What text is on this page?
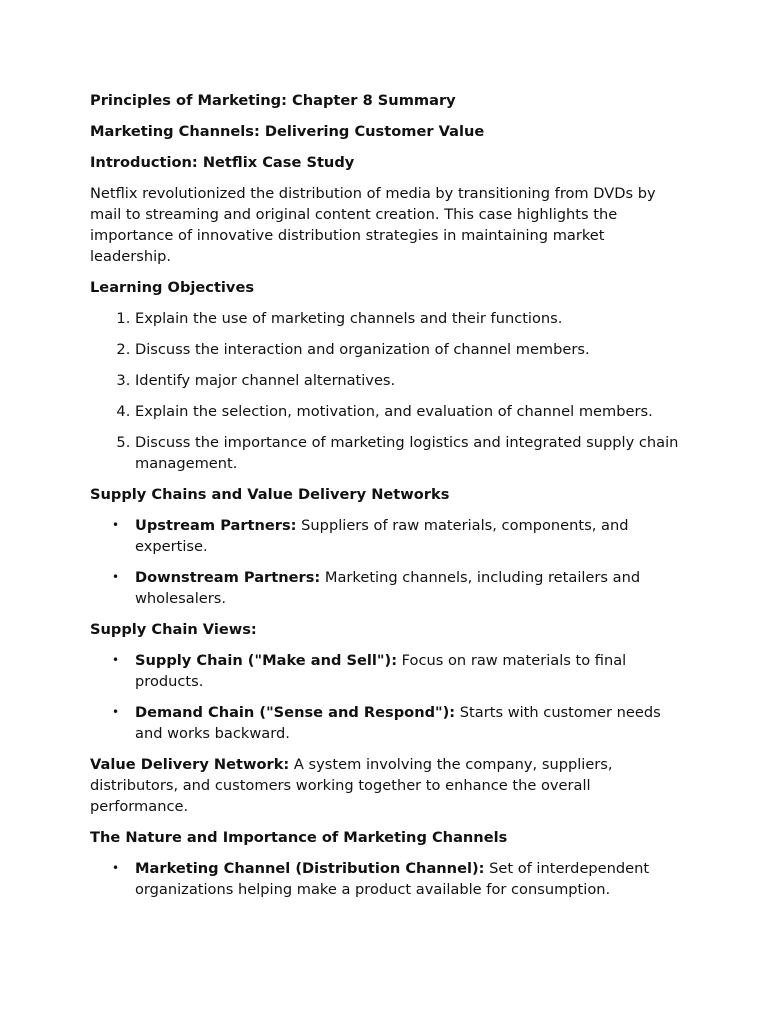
Principles of Marketing: Chapter 8 Summary

Marketing Channels: Delivering Customer Value

Introduction: Netflix Case Study

Netflix revolutionized the distribution of media by transitioning from DVDs by mail to streaming and original content creation. This case highlights the importance of innovative distribution strategies in maintaining market leadership.

Learning Objectives

1. Explain the use of marketing channels and their functions.
2. Discuss the interaction and organization of channel members.
3. Identify major channel alternatives.
4. Explain the selection, motivation, and evaluation of channel members.
5. Discuss the importance of marketing logistics and integrated supply chain management.

Supply Chains and Value Delivery Networks

• Upstream Partners: Suppliers of raw materials, components, and expertise.
• Downstream Partners: Marketing channels, including retailers and wholesalers.

Supply Chain Views:

• Supply Chain ("Make and Sell"): Focus on raw materials to final products.
• Demand Chain ("Sense and Respond"): Starts with customer needs and works backward.

Value Delivery Network: A system involving the company, suppliers, distributors, and customers working together to enhance the overall performance.

The Nature and Importance of Marketing Channels

• Marketing Channel (Distribution Channel): Set of interdependent organizations helping make a product available for consumption.
